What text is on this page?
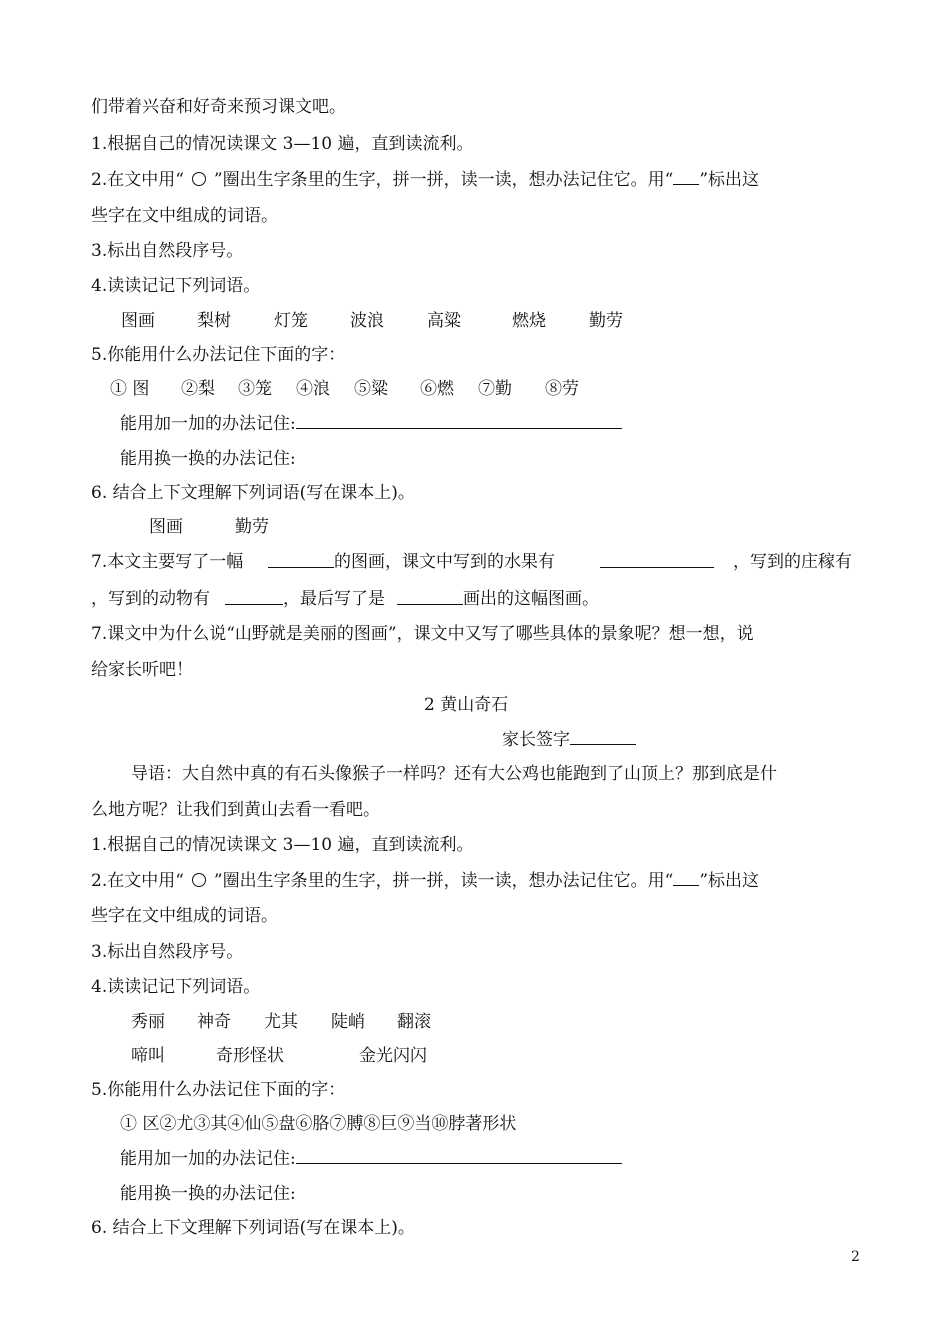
们带着兴奋和好奇来预习课文吧。
1.根据自己的情况读课文 3—10 遍，直到读流利。
2.在文中用“ ”圈出生字条里的生字，拼一拼，读一读，想办法记住它。用“ ”标出这
些字在文中组成的词语。
3.标出自然段序号。
4.读读记记下列词语。
图画 梨树	灯笼 波浪	高粱	燃烧	勤劳
5.你能用什么办法记住下面的字：
① 图 ②梨 ③笼 ④浪 ⑤粱 ⑥燃 ⑦勤 ⑧劳
能用加一加的办法记住:
能用换一换的办法记住:
6. 结合上下文理解下列词语(写在课本上)。
图画	勤劳
7.本文主要写了一幅	的图画，课文中写到的水果有	，写到的庄稼有
，写到的动物有	，最后写了是	画出的这幅图画。
7.课文中为什么说“山野就是美丽的图画”，课文中又写了哪些具体的景象呢？想一想，说
给家长听吧！
2 黄山奇石
家长签字
导语：大自然中真的有石头像猴子一样吗？还有大公鸡也能跑到了山顶上？那到底是什
么地方呢？让我们到黄山去看一看吧。
1.根据自己的情况读课文 3—10 遍，直到读流利。
2.在文中用“ ”圈出生字条里的生字，拼一拼，读一读，想办法记住它。用“ ”标出这
些字在文中组成的词语。
3.标出自然段序号。
4.读读记记下列词语。
秀丽 神奇 尤其 陡峭 翻滚
啼叫	奇形怪状	金光闪闪
5.你能用什么办法记住下面的字：
① 区②尤③其④仙⑤盘⑥胳⑦膊⑧巨⑨当⑩脖著形状
能用加一加的办法记住:
能用换一换的办法记住:
6. 结合上下文理解下列词语(写在课本上)。
2
